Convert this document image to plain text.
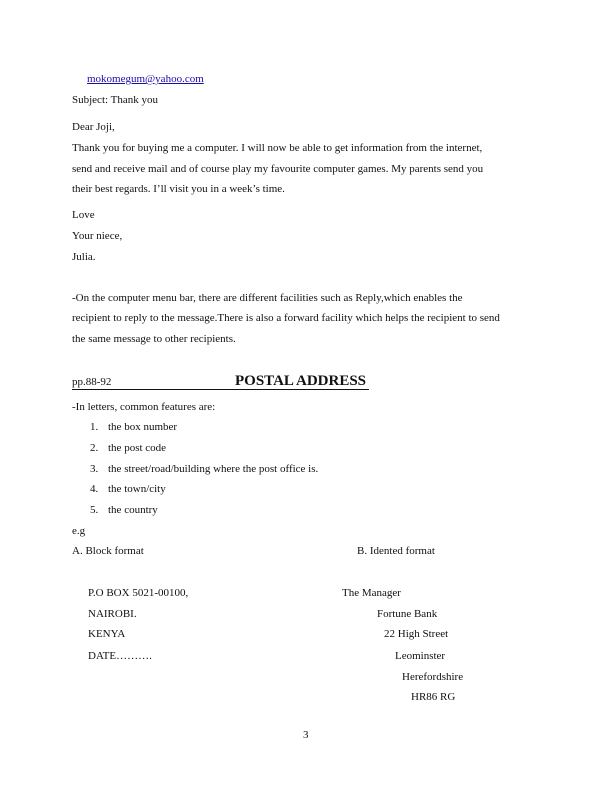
mokomegum@yahoo.com
Subject: Thank you
Dear Joji,
Thank you for buying me a computer. I will now be able to get information from the internet,
send and receive mail and of course play my favourite computer games. My parents send you
their best regards. I’ll visit you in a week’s time.
Love
Your niece,
Julia.
-On the computer menu bar, there are different facilities such as Reply,which enables the
recipient to reply to the message.There is also a forward facility which helps the recipient to send
the same message to other recipients.
pp.88-92	POSTAL ADDRESS
-In letters, common features are:
1. the box number
2. the post code
3. the street/road/building where the post office is.
4. the town/city
5. the country
e.g
A. Block format	B. Idented format
P.O BOX 5021-00100,
NAIROBI.
KENYA
DATE……….
The Manager
Fortune Bank
22 High Street
Leominster
Herefordshire
HR86 RG
3
